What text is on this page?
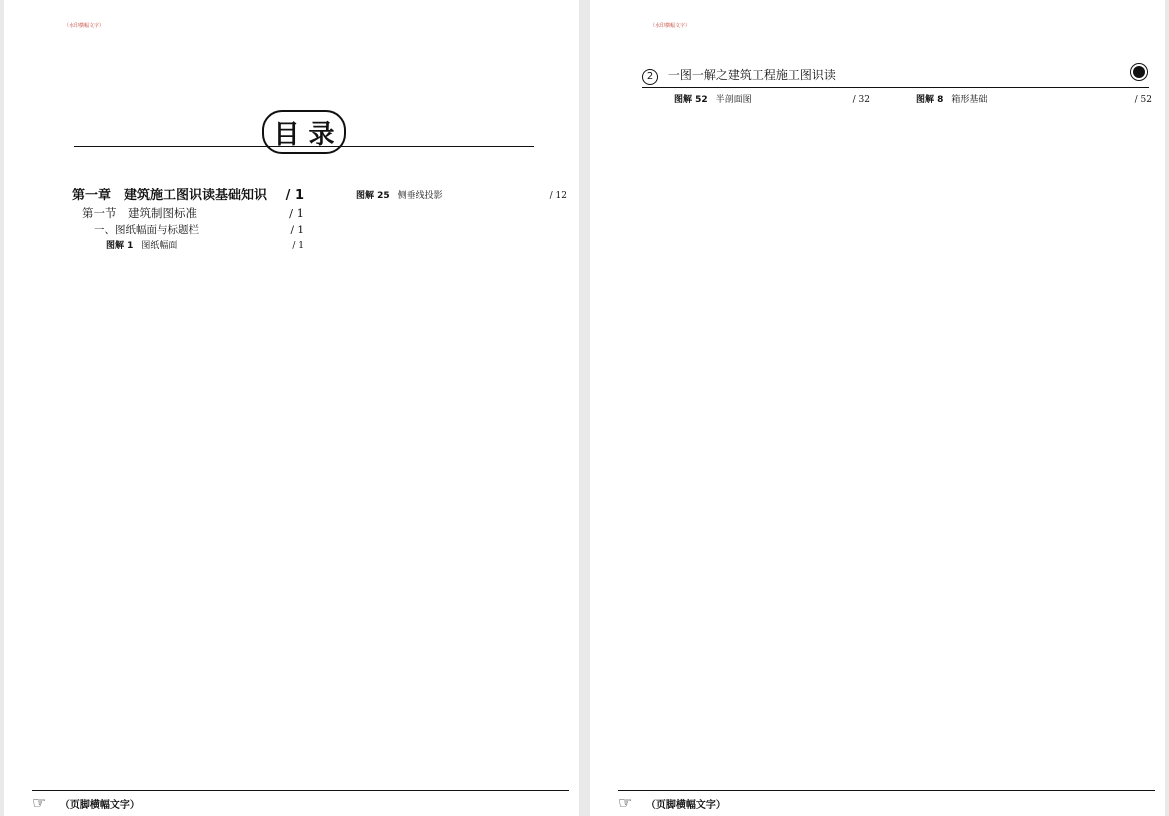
（水印横幅文字）
目 录
第一章　建筑施工图识读基础知识 / 1
第一节　建筑制图标准	/ 1
一、图纸幅面与标题栏	/ 1
图解 1 图纸幅面	/ 1
图解 25 侧垂线投影	/ 12
☞ （页脚横幅文字）
（水印横幅文字）
2 一图一解之建筑工程施工图识读
图解 52 半剖面图	/ 32	图解 8 箱形基础	/ 52
☞ （页脚横幅文字）
